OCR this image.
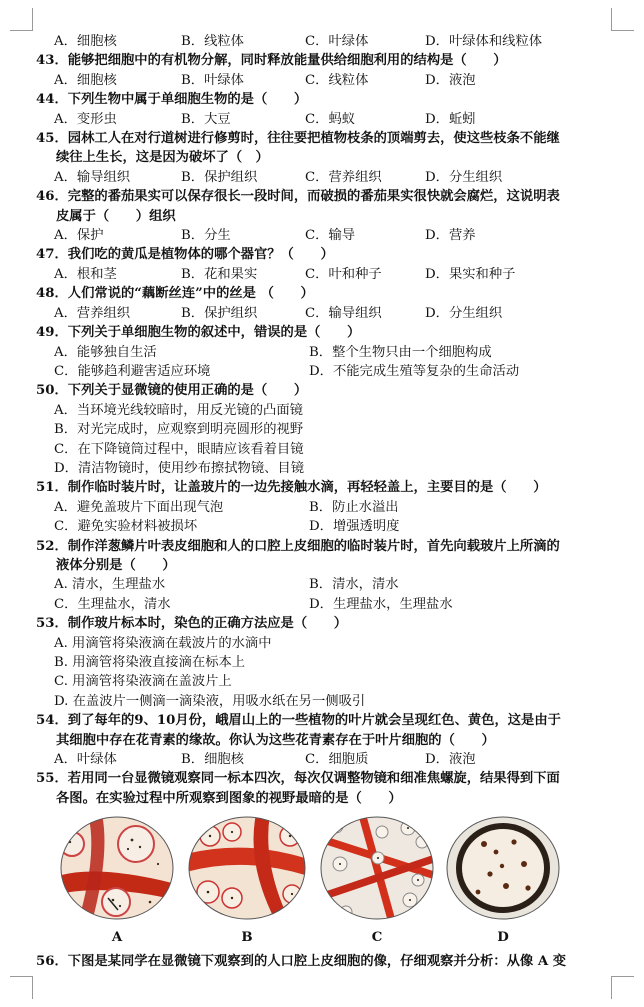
A．细胞核	B．线粒体	C．叶绿体	D．叶绿体和线粒体
43．能够把细胞中的有机物分解，同时释放能量供给细胞利用的结构是（　　）
A．细胞核	B．叶绿体	C．线粒体	D．液泡
44．下列生物中属于单细胞生物的是（　　）
A．变形虫	B．大豆	C．蚂蚁	D．蚯蚓
45．园林工人在对行道树进行修剪时，往往要把植物枝条的顶端剪去，使这些枝条不能继
续往上生长，这是因为破坏了（　）
A．输导组织	B．保护组织	C．营养组织	D．分生组织
46．完整的番茄果实可以保存很长一段时间，而破损的番茄果实很快就会腐烂，这说明表
皮属于（　　）组织
A．保护	B．分生	C．输导	D．营养
47．我们吃的黄瓜是植物体的哪个器官？（　　）
A．根和茎	B．花和果实	C．叶和种子	D．果实和种子
48．人们常说的“藕断丝连”中的丝是 （　　）
A．营养组织	B．保护组织	C．输导组织	D．分生组织
49．下列关于单细胞生物的叙述中，错误的是（　　）
A．能够独自生活	B．整个生物只由一个细胞构成
C．能够趋利避害适应环境	D．不能完成生殖等复杂的生命活动
50．下列关于显微镜的使用正确的是（　　）
A．当环境光线较暗时，用反光镜的凸面镜
B．对光完成时，应观察到明亮圆形的视野
C．在下降镜筒过程中，眼睛应该看着目镜
D．清洁物镜时，使用纱布擦拭物镜、目镜
51．制作临时装片时，让盖玻片的一边先接触水滴，再轻轻盖上，主要目的是（　　）
A．避免盖玻片下面出现气泡	B．防止水溢出
C．避免实验材料被损坏	D．增强透明度
52．制作洋葱鳞片叶表皮细胞和人的口腔上皮细胞的临时装片时，首先向载玻片上所滴的
液体分别是（　　）
A. 清水，生理盐水	B．清水，清水
C．生理盐水，清水	D．生理盐水，生理盐水
53．制作玻片标本时，染色的正确方法应是（　　）
A. 用滴管将染液滴在载波片的水滴中
B. 用滴管将染液直接滴在标本上
C. 用滴管将染液滴在盖波片上
D. 在盖波片一侧滴一滴染液，用吸水纸在另一侧吸引
54．到了每年的9、10月份，峨眉山上的一些植物的叶片就会呈现红色、黄色，这是由于
其细胞中存在花青素的缘故。你认为这些花青素存在于叶片细胞的（　　）
A．叶绿体	B．细胞核	C．细胞质	D．液泡
55．若用同一台显微镜观察同一标本四次，每次仅调整物镜和细准焦螺旋，结果得到下面
各图。在实验过程中所观察到图象的视野最暗的是（　　）
A	B	C	D
56．下图是某同学在显微镜下观察到的人口腔上皮细胞的像，仔细观察并分析：从像 A 变
